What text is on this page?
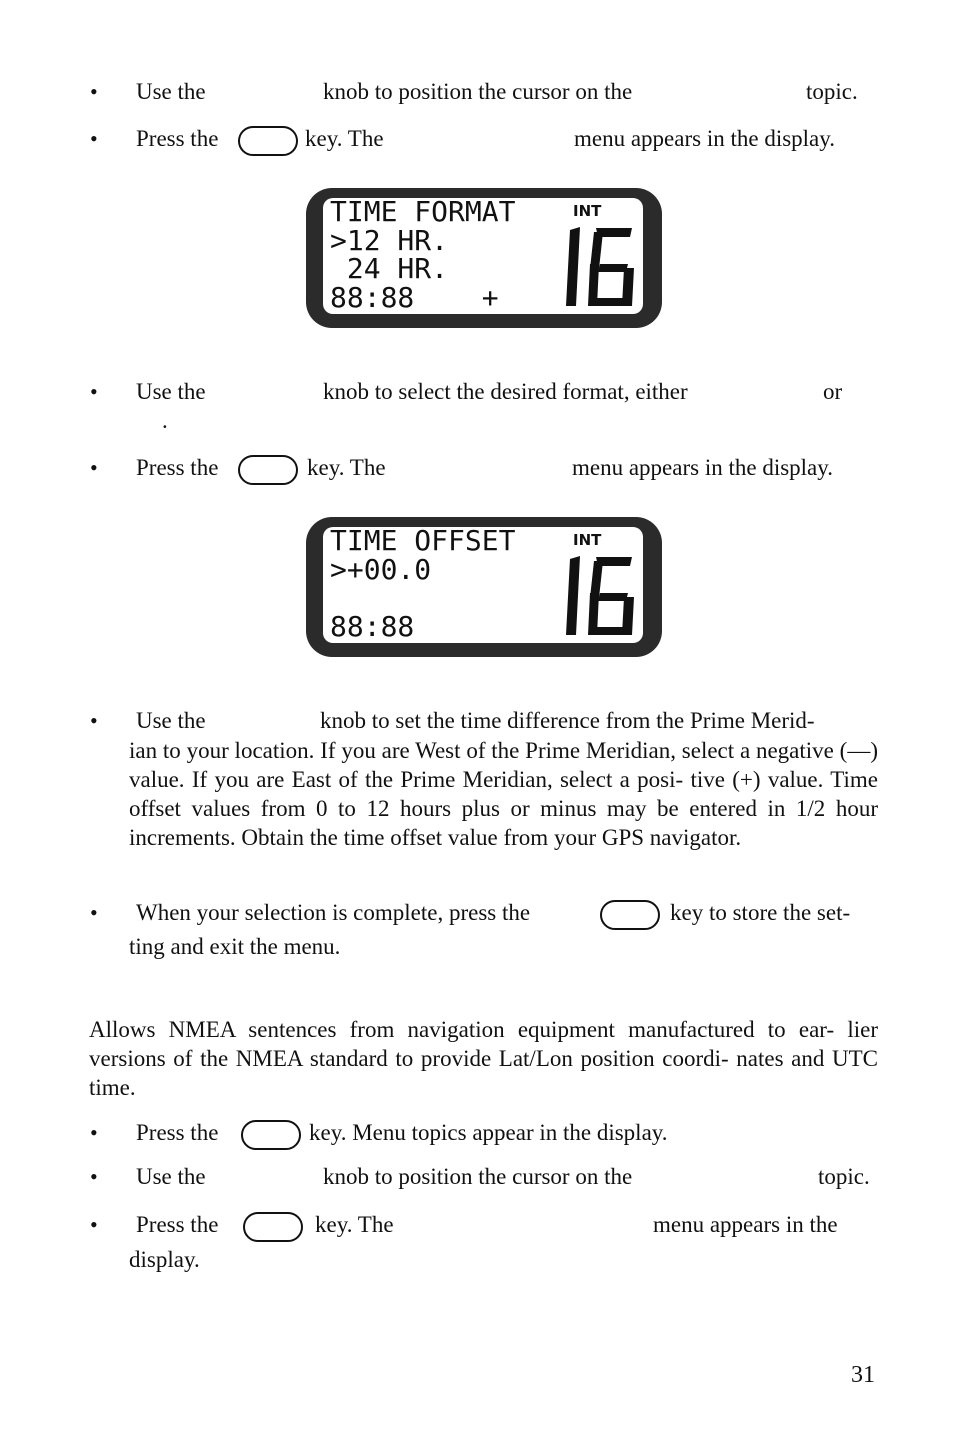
• Use the	knob to position the cursor on the	topic.
• Press the	key. The	menu appears in the display.
TIME FORMAT
>12 HR.
24 HR.
88:88    +
INT
• Use the	knob to select the desired format, either	or
.
• Press the	key. The	menu appears in the display.
TIME OFFSET
>+00.0
88:88
INT
• Use the	knob to set the time difference from the Prime Merid-
ian to your location. If you are West of the Prime Meridian, select a negative (—) value. If you are East of the Prime Meridian, select a posi- tive (+) value. Time offset values from 0 to 12 hours plus or minus may be entered in 1/2 hour increments. Obtain the time offset value from your GPS navigator.
• When your selection is complete, press the	key to store the set-
ting and exit the menu.
Allows NMEA sentences from navigation equipment manufactured to ear- lier versions of the NMEA standard to provide Lat/Lon position coordi- nates and UTC time.
• Press the	key. Menu topics appear in the display.
• Use the	knob to position the cursor on the	topic.
• Press the	key. The	menu appears in the
display.
31
